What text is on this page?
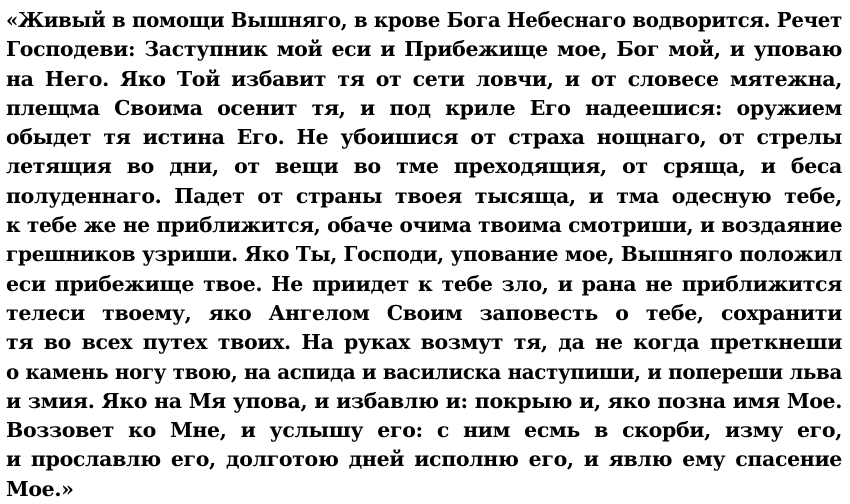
«Живый в помощи Вышняго, в крове Бога Небеснаго водворится. Речет
Господеви: Заступник мой еси и Прибежище мое, Бог мой, и уповаю
на Него. Яко Той избавит тя от сети ловчи, и от словесе мятежна,
плещма Своима осенит тя, и под криле Его надеешися: оружием
обыдет тя истина Его. Не убоишися от страха нощнаго, от стрелы
летящия во дни, от вещи во тме преходящия, от сряща, и беса
полуденнаго. Падет от страны твоея тысяща, и тма одесную тебе,
к тебе же не приближится, обаче очима твоима смотриши, и воздаяние
грешников узриши. Яко Ты, Господи, упование мое, Вышняго положил
еси прибежище твое. Не приидет к тебе зло, и рана не приближится
телеси твоему, яко Ангелом Своим заповесть о тебе, сохранити
тя во всех путех твоих. На руках возмут тя, да не когда преткнеши
о камень ногу твою, на аспида и василиска наступиши, и попереши льва
и змия. Яко на Мя упова, и избавлю и: покрыю и, яко позна имя Мое.
Воззовет ко Мне, и услышу его: с ним есмь в скорби, изму его,
и прославлю его, долготою дней исполню его, и явлю ему спасение
Мое.»
